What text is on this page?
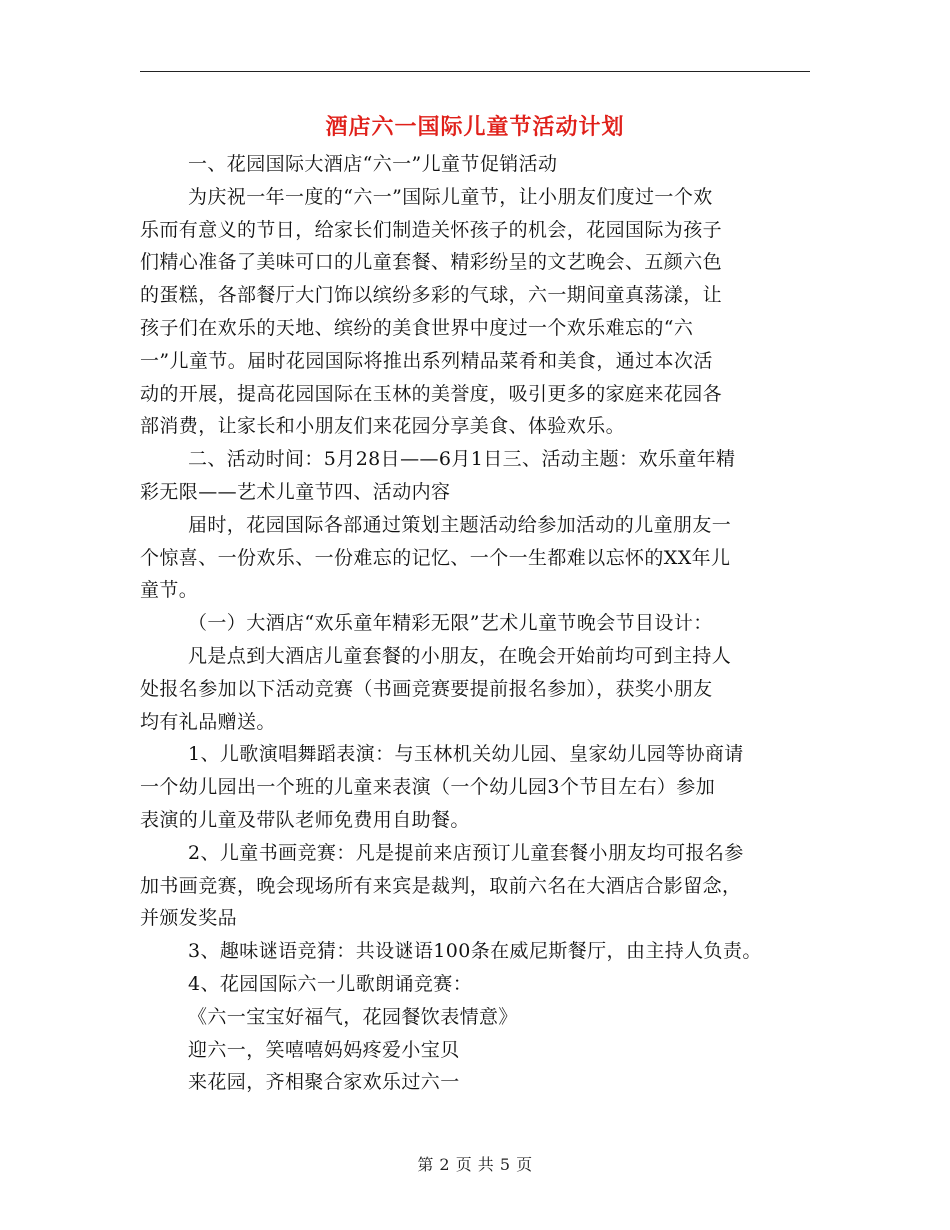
酒店六一国际儿童节活动计划
一、花园国际大酒店“六一”儿童节促销活动
为庆祝一年一度的“六一”国际儿童节，让小朋友们度过一个欢
乐而有意义的节日，给家长们制造关怀孩子的机会，花园国际为孩子
们精心准备了美味可口的儿童套餐、精彩纷呈的文艺晚会、五颜六色
的蛋糕，各部餐厅大门饰以缤纷多彩的气球，六一期间童真荡漾，让
孩子们在欢乐的天地、缤纷的美食世界中度过一个欢乐难忘的“六
一”儿童节。届时花园国际将推出系列精品菜肴和美食，通过本次活
动的开展，提高花园国际在玉林的美誉度，吸引更多的家庭来花园各
部消费，让家长和小朋友们来花园分享美食、体验欢乐。
二、活动时间：5月28日——6月1日三、活动主题：欢乐童年精
彩无限——艺术儿童节四、活动内容
届时，花园国际各部通过策划主题活动给参加活动的儿童朋友一
个惊喜、一份欢乐、一份难忘的记忆、一个一生都难以忘怀的XX年儿
童节。
（一）大酒店“欢乐童年精彩无限”艺术儿童节晚会节目设计：
凡是点到大酒店儿童套餐的小朋友，在晚会开始前均可到主持人
处报名参加以下活动竞赛（书画竞赛要提前报名参加），获奖小朋友
均有礼品赠送。
1、儿歌演唱舞蹈表演：与玉林机关幼儿园、皇家幼儿园等协商请
一个幼儿园出一个班的儿童来表演（一个幼儿园3个节目左右）参加
表演的儿童及带队老师免费用自助餐。
2、儿童书画竞赛：凡是提前来店预订儿童套餐小朋友均可报名参
加书画竞赛，晚会现场所有来宾是裁判，取前六名在大酒店合影留念，
并颁发奖品
3、趣味谜语竞猜：共设谜语100条在威尼斯餐厅，由主持人负责。
4、花园国际六一儿歌朗诵竞赛：
《六一宝宝好福气，花园餐饮表情意》
迎六一，笑嘻嘻妈妈疼爱小宝贝
来花园，齐相聚合家欢乐过六一
第 2 页 共 5 页
